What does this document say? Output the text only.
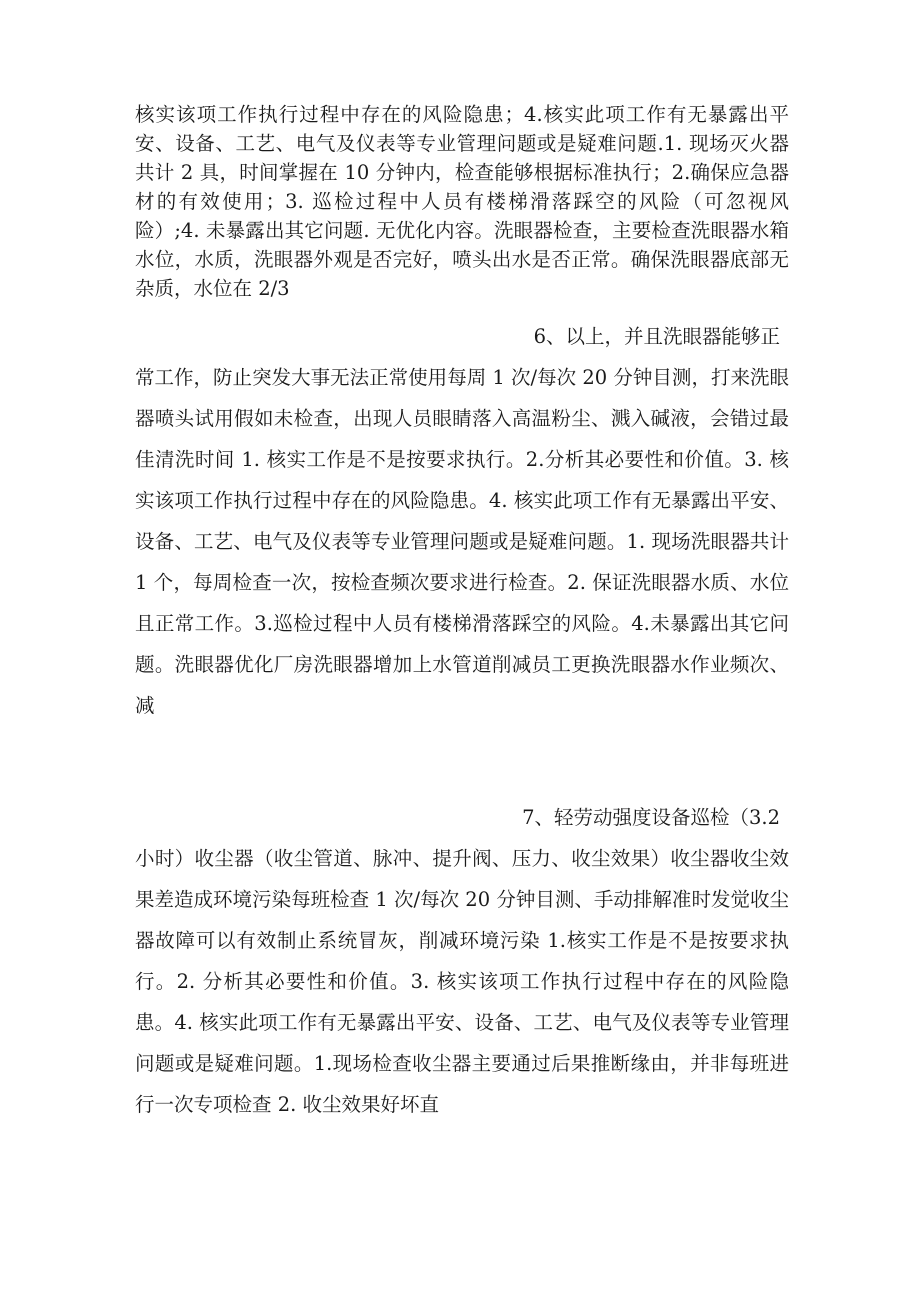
核实该项工作执行过程中存在的风险隐患；4.核实此项工作有无暴露出平安、设备、工艺、电气及仪表等专业管理问题或是疑难问题.1. 现场灭火器共计 2 具，时间掌握在 10 分钟内，检查能够根据标准执行；2.确保应急器材的有效使用；3. 巡检过程中人员有楼梯滑落踩空的风险（可忽视风险）;4. 未暴露出其它问题. 无优化内容。洗眼器检查，主要检查洗眼器水箱水位，水质，洗眼器外观是否完好，喷头出水是否正常。确保洗眼器底部无杂质，水位在 2/3

6、以上，并且洗眼器能够正

常工作，防止突发大事无法正常使用每周 1 次/每次 20 分钟目测，打来洗眼器喷头试用假如未检查，出现人员眼睛落入高温粉尘、溅入碱液，会错过最佳清洗时间 1. 核实工作是不是按要求执行。2.分析其必要性和价值。3. 核实该项工作执行过程中存在的风险隐患。4. 核实此项工作有无暴露出平安、设备、工艺、电气及仪表等专业管理问题或是疑难问题。1. 现场洗眼器共计 1 个，每周检查一次，按检查频次要求进行检查。2. 保证洗眼器水质、水位且正常工作。3.巡检过程中人员有楼梯滑落踩空的风险。4.未暴露出其它问题。洗眼器优化厂房洗眼器增加上水管道削减员工更换洗眼器水作业频次、减

7、轻劳动强度设备巡检（3.2

小时）收尘器（收尘管道、脉冲、提升阀、压力、收尘效果）收尘器收尘效果差造成环境污染每班检查 1 次/每次 20 分钟目测、手动排解准时发觉收尘器故障可以有效制止系统冒灰，削减环境污染 1.核实工作是不是按要求执行。2. 分析其必要性和价值。3. 核实该项工作执行过程中存在的风险隐患。4. 核实此项工作有无暴露出平安、设备、工艺、电气及仪表等专业管理问题或是疑难问题。1.现场检查收尘器主要通过后果推断缘由，并非每班进行一次专项检查 2. 收尘效果好坏直
